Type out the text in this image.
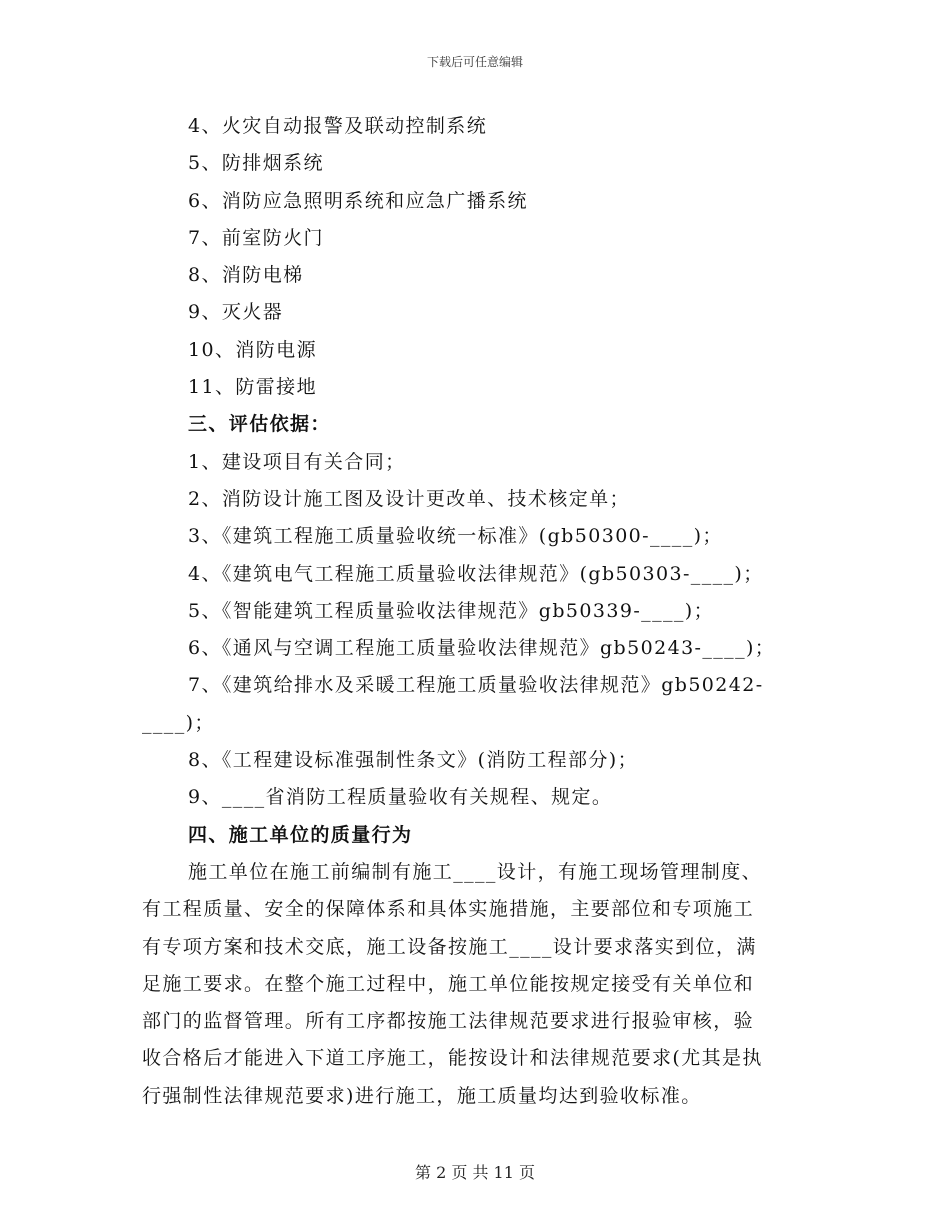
下载后可任意编辑
4、火灾自动报警及联动控制系统
5、防排烟系统
6、消防应急照明系统和应急广播系统
7、前室防火门
8、消防电梯
9、灭火器
10、消防电源
11、防雷接地
三、评估依据：
1、建设项目有关合同；
2、消防设计施工图及设计更改单、技术核定单；
3、《建筑工程施工质量验收统一标准》(gb50300-____)；
4、《建筑电气工程施工质量验收法律规范》(gb50303-____)；
5、《智能建筑工程质量验收法律规范》gb50339-____)；
6、《通风与空调工程施工质量验收法律规范》gb50243-____)；
7、《建筑给排水及采暖工程施工质量验收法律规范》gb50242-
____)；
8、《工程建设标准强制性条文》(消防工程部分)；
9、____省消防工程质量验收有关规程、规定。
四、施工单位的质量行为

施工单位在施工前编制有施工____设计，有施工现场管理制度、
有工程质量、安全的保障体系和具体实施措施，主要部位和专项施工
有专项方案和技术交底，施工设备按施工____设计要求落实到位，满
足施工要求。在整个施工过程中，施工单位能按规定接受有关单位和
部门的监督管理。所有工序都按施工法律规范要求进行报验审核，验
收合格后才能进入下道工序施工，能按设计和法律规范要求(尤其是执
行强制性法律规范要求)进行施工，施工质量均达到验收标准。

第 2 页 共 11 页
